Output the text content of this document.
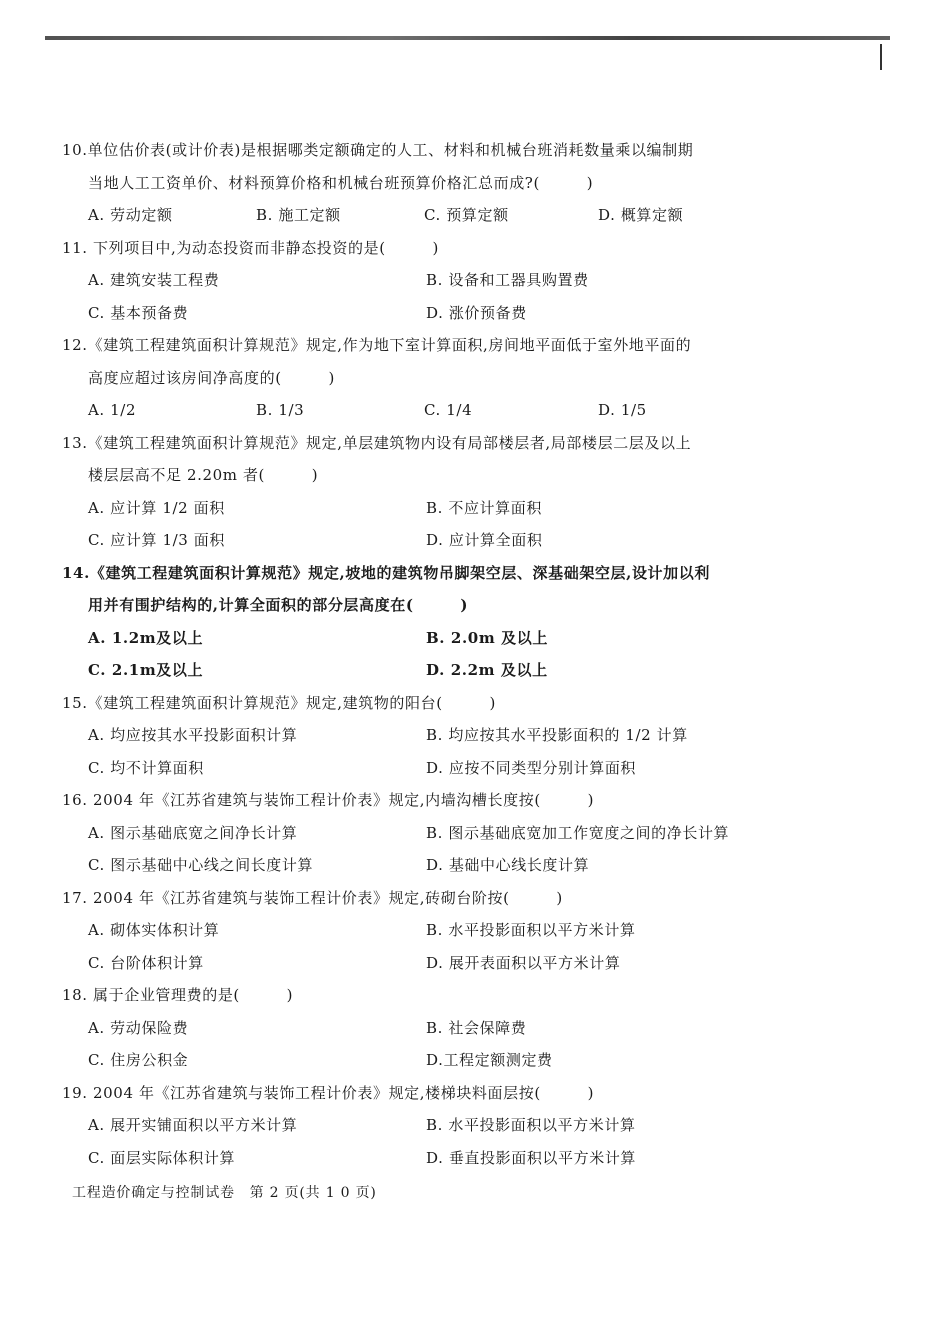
10.单位估价表(或计价表)是根据哪类定额确定的人工、材料和机械台班消耗数量乘以编制期

当地人工工资单价、材料预算价格和机械台班预算价格汇总而成?(　　　)

A. 劳动定额	B. 施工定额	C. 预算定额	D. 概算定额

11. 下列项目中,为动态投资而非静态投资的是(　　　)

A. 建筑安装工程费	B. 设备和工器具购置费
C. 基本预备费	D. 涨价预备费

12.《建筑工程建筑面积计算规范》规定,作为地下室计算面积,房间地平面低于室外地平面的

高度应超过该房间净高度的(　　　)

A. 1/2	B. 1/3	C. 1/4	D. 1/5

13.《建筑工程建筑面积计算规范》规定,单层建筑物内设有局部楼层者,局部楼层二层及以上

楼层层高不足 2.20m 者(　　　)

A. 应计算 1/2 面积	B. 不应计算面积
C. 应计算 1/3 面积	D. 应计算全面积

14.《建筑工程建筑面积计算规范》规定,坡地的建筑物吊脚架空层、深基础架空层,设计加以利

用并有围护结构的,计算全面积的部分层高度在(　　　)

A. 1.2m及以上	B. 2.0m 及以上
C. 2.1m及以上	D. 2.2m 及以上

15.《建筑工程建筑面积计算规范》规定,建筑物的阳台(　　　)

A. 均应按其水平投影面积计算	B. 均应按其水平投影面积的 1/2 计算
C. 均不计算面积	D. 应按不同类型分别计算面积

16. 2004 年《江苏省建筑与装饰工程计价表》规定,内墙沟槽长度按(　　　)

A. 图示基础底宽之间净长计算	B. 图示基础底宽加工作宽度之间的净长计算
C. 图示基础中心线之间长度计算	D. 基础中心线长度计算

17. 2004 年《江苏省建筑与装饰工程计价表》规定,砖砌台阶按(　　　)

A. 砌体实体积计算	B. 水平投影面积以平方米计算
C. 台阶体积计算	D. 展开表面积以平方米计算

18. 属于企业管理费的是(　　　)

A. 劳动保险费	B. 社会保障费
C. 住房公积金	D.工程定额测定费

19. 2004 年《江苏省建筑与装饰工程计价表》规定,楼梯块料面层按(　　　)

A. 展开实铺面积以平方米计算	B. 水平投影面积以平方米计算
C. 面层实际体积计算	D. 垂直投影面积以平方米计算
工程造价确定与控制试卷　第 2 页(共 1 0 页)
